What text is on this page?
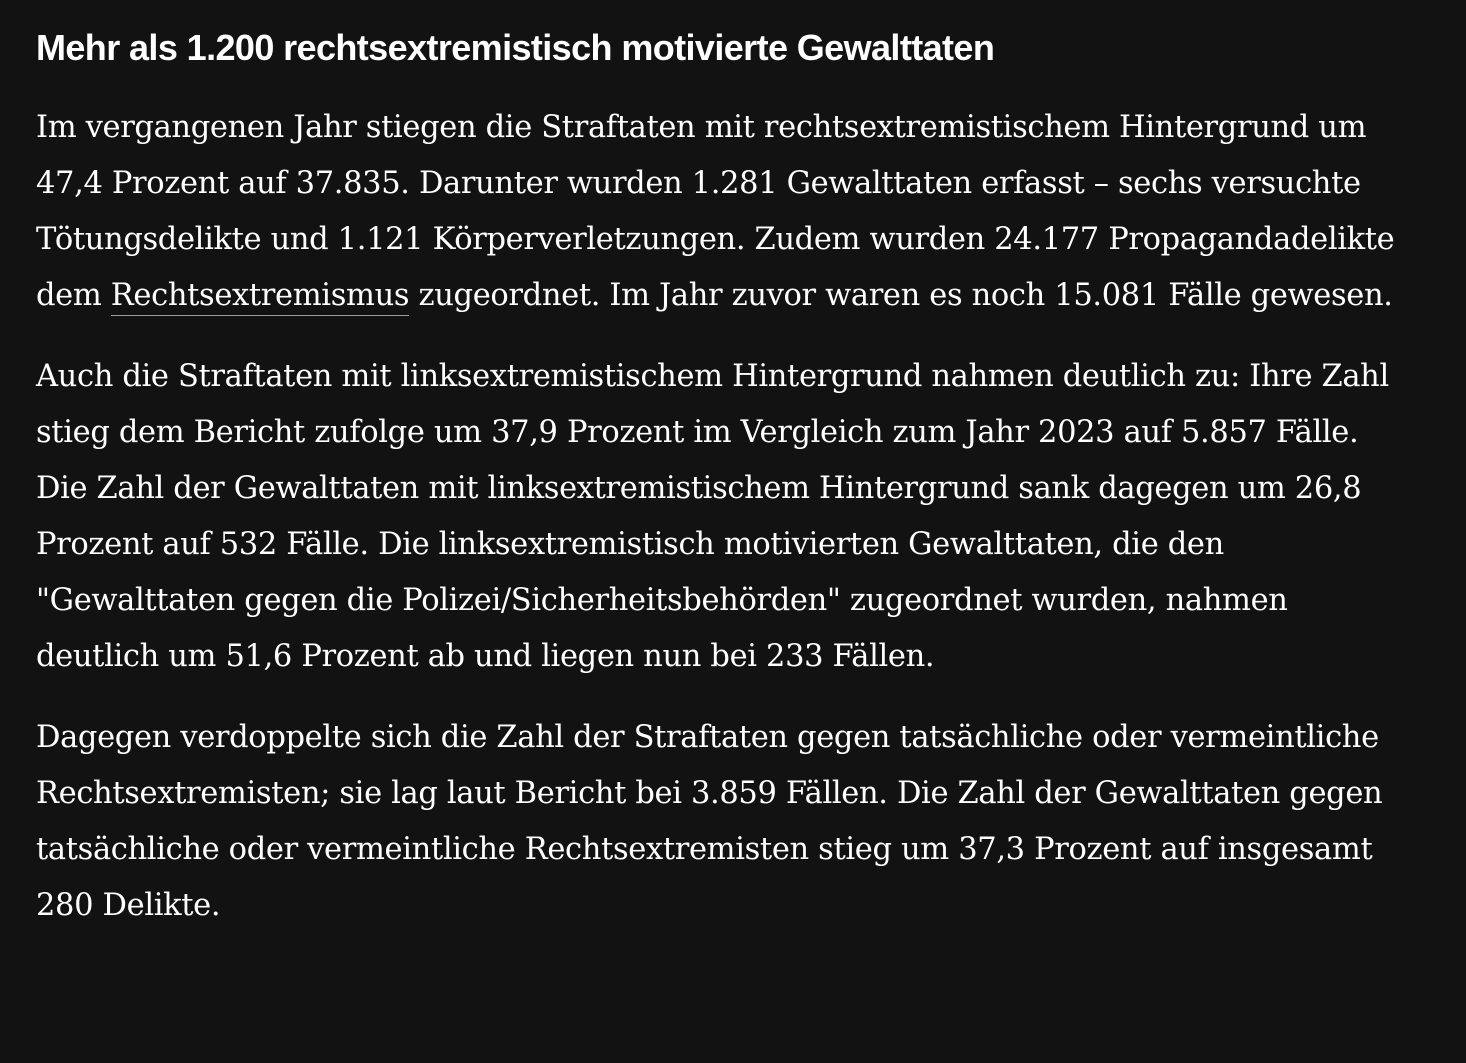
Mehr als 1.200 rechtsextremistisch motivierte Gewalttaten

Im vergangenen Jahr stiegen die Straftaten mit rechtsextremistischem Hintergrund um 47,4 Prozent auf 37.835. Darunter wurden 1.281 Gewalttaten erfasst – sechs versuchte Tötungsdelikte und 1.121 Körperverletzungen. Zudem wurden 24.177 Propagandadelikte dem Rechtsextremismus zugeordnet. Im Jahr zuvor waren es noch 15.081 Fälle gewesen.

Auch die Straftaten mit linksextremistischem Hintergrund nahmen deutlich zu: Ihre Zahl stieg dem Bericht zufolge um 37,9 Prozent im Vergleich zum Jahr 2023 auf 5.857 Fälle. Die Zahl der Gewalttaten mit linksextremistischem Hintergrund sank dagegen um 26,8 Prozent auf 532 Fälle. Die linksextremistisch motivierten Gewalttaten, die den "Gewalttaten gegen die Polizei/Sicherheitsbehörden" zugeordnet wurden, nahmen deutlich um 51,6 Prozent ab und liegen nun bei 233 Fällen.

Dagegen verdoppelte sich die Zahl der Straftaten gegen tatsächliche oder vermeintliche Rechtsextremisten; sie lag laut Bericht bei 3.859 Fällen. Die Zahl der Gewalttaten gegen tatsächliche oder vermeintliche Rechtsextremisten stieg um 37,3 Prozent auf insgesamt 280 Delikte.
